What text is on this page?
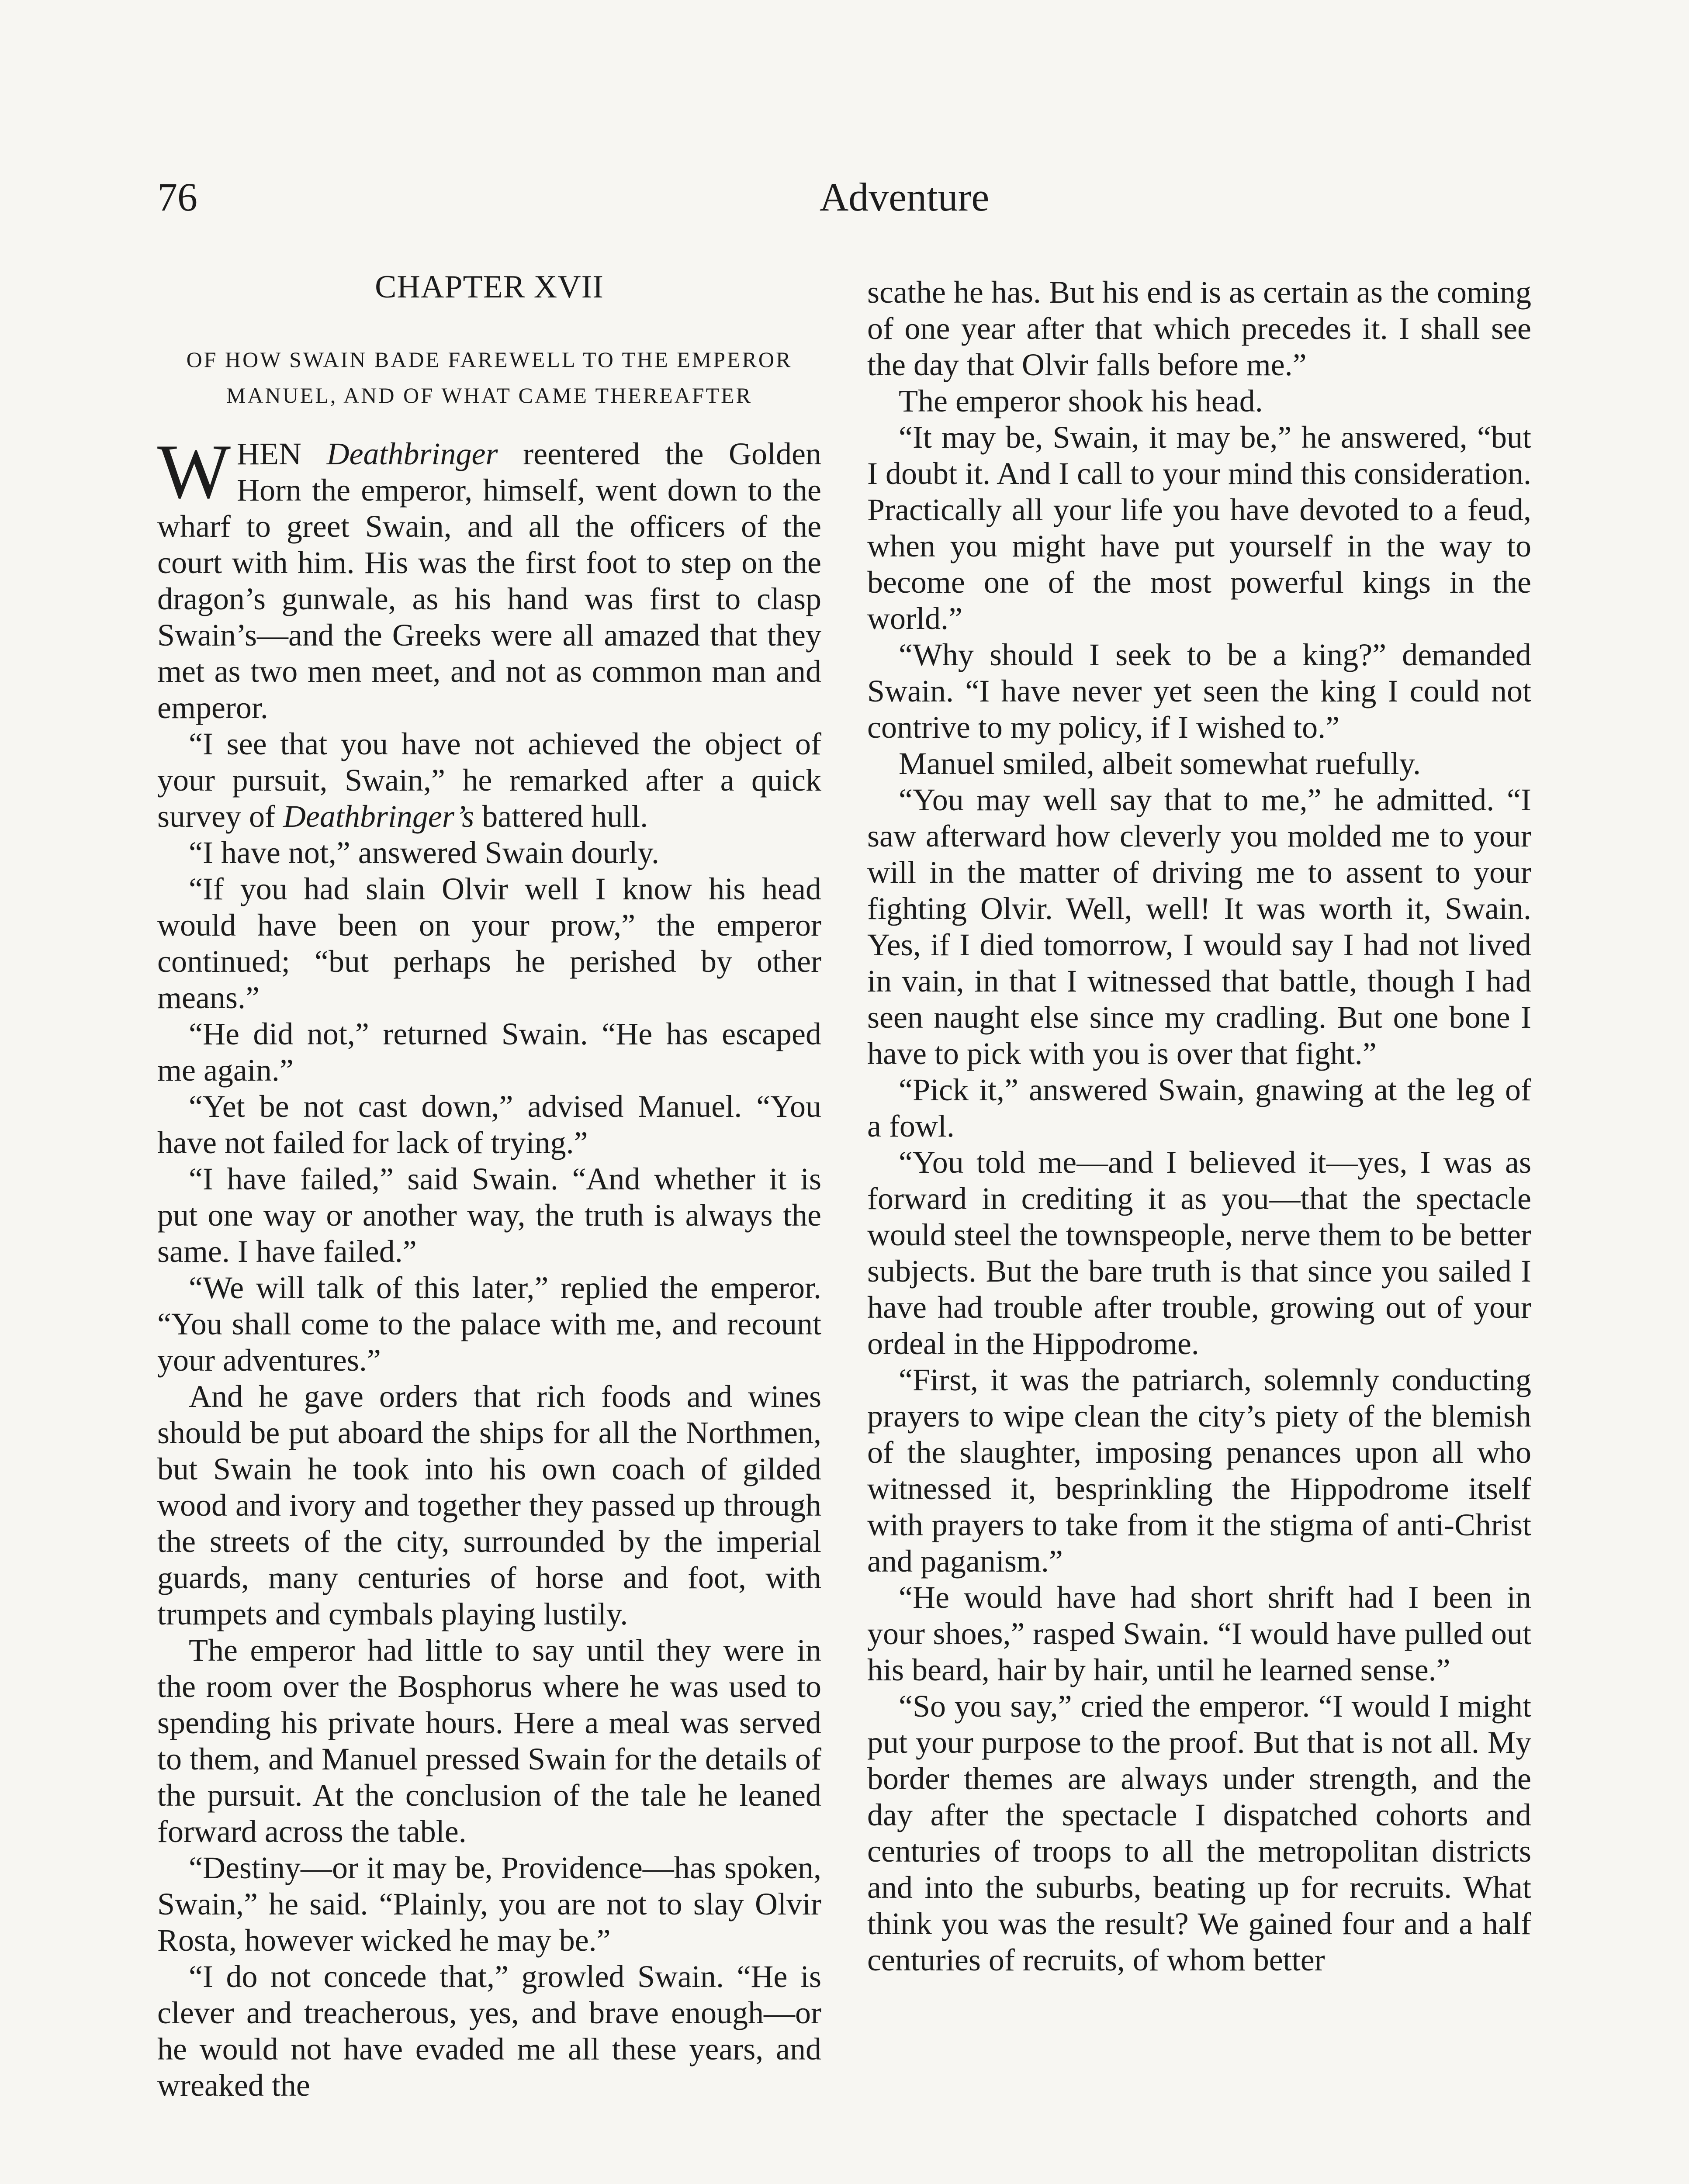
76	Adventure
CHAPTER XVII
OF HOW SWAIN BADE FAREWELL TO THE EMPEROR MANUEL, AND OF WHAT CAME THEREAFTER

WHEN Deathbringer reentered the Golden Horn the emperor, himself, went down to the wharf to greet Swain, and all the officers of the court with him. His was the first foot to step on the dragon’s gunwale, as his hand was first to clasp Swain’s—and the Greeks were all amazed that they met as two men meet, and not as common man and emperor.

“I see that you have not achieved the object of your pursuit, Swain,” he remarked after a quick survey of Deathbringer’s battered hull.

“I have not,” answered Swain dourly.

“If you had slain Olvir well I know his head would have been on your prow,” the emperor continued; “but perhaps he perished by other means.”

“He did not,” returned Swain. “He has escaped me again.”

“Yet be not cast down,” advised Manuel. “You have not failed for lack of trying.”

“I have failed,” said Swain. “And whether it is put one way or another way, the truth is always the same. I have failed.”

“We will talk of this later,” replied the emperor. “You shall come to the palace with me, and recount your adventures.”

And he gave orders that rich foods and wines should be put aboard the ships for all the Northmen, but Swain he took into his own coach of gilded wood and ivory and together they passed up through the streets of the city, surrounded by the imperial guards, many centuries of horse and foot, with trumpets and cymbals playing lustily.

The emperor had little to say until they were in the room over the Bosphorus where he was used to spending his private hours. Here a meal was served to them, and Manuel pressed Swain for the details of the pursuit. At the conclusion of the tale he leaned forward across the table.

“Destiny—or it may be, Providence—has spoken, Swain,” he said. “Plainly, you are not to slay Olvir Rosta, however wicked he may be.”

“I do not concede that,” growled Swain. “He is clever and treacherous, yes, and brave enough—or he would not have evaded me all these years, and wreaked the

scathe he has. But his end is as certain as the coming of one year after that which precedes it. I shall see the day that Olvir falls before me.”

The emperor shook his head.

“It may be, Swain, it may be,” he answered, “but I doubt it. And I call to your mind this consideration. Practically all your life you have devoted to a feud, when you might have put yourself in the way to become one of the most powerful kings in the world.”

“Why should I seek to be a king?” demanded Swain. “I have never yet seen the king I could not contrive to my policy, if I wished to.”

Manuel smiled, albeit somewhat ruefully.

“You may well say that to me,” he admitted. “I saw afterward how cleverly you molded me to your will in the matter of driving me to assent to your fighting Olvir. Well, well! It was worth it, Swain. Yes, if I died tomorrow, I would say I had not lived in vain, in that I witnessed that battle, though I had seen naught else since my cradling. But one bone I have to pick with you is over that fight.”

“Pick it,” answered Swain, gnawing at the leg of a fowl.

“You told me—and I believed it—yes, I was as forward in crediting it as you—that the spectacle would steel the townspeople, nerve them to be better subjects. But the bare truth is that since you sailed I have had trouble after trouble, growing out of your ordeal in the Hippodrome.

“First, it was the patriarch, solemnly conducting prayers to wipe clean the city’s piety of the blemish of the slaughter, imposing penances upon all who witnessed it, besprinkling the Hippodrome itself with prayers to take from it the stigma of anti-Christ and paganism.”

“He would have had short shrift had I been in your shoes,” rasped Swain. “I would have pulled out his beard, hair by hair, until he learned sense.”

“So you say,” cried the emperor. “I would I might put your purpose to the proof. But that is not all. My border themes are always under strength, and the day after the spectacle I dispatched cohorts and centuries of troops to all the metropolitan districts and into the suburbs, beating up for recruits. What think you was the result? We gained four and a half centuries of recruits, of whom better
